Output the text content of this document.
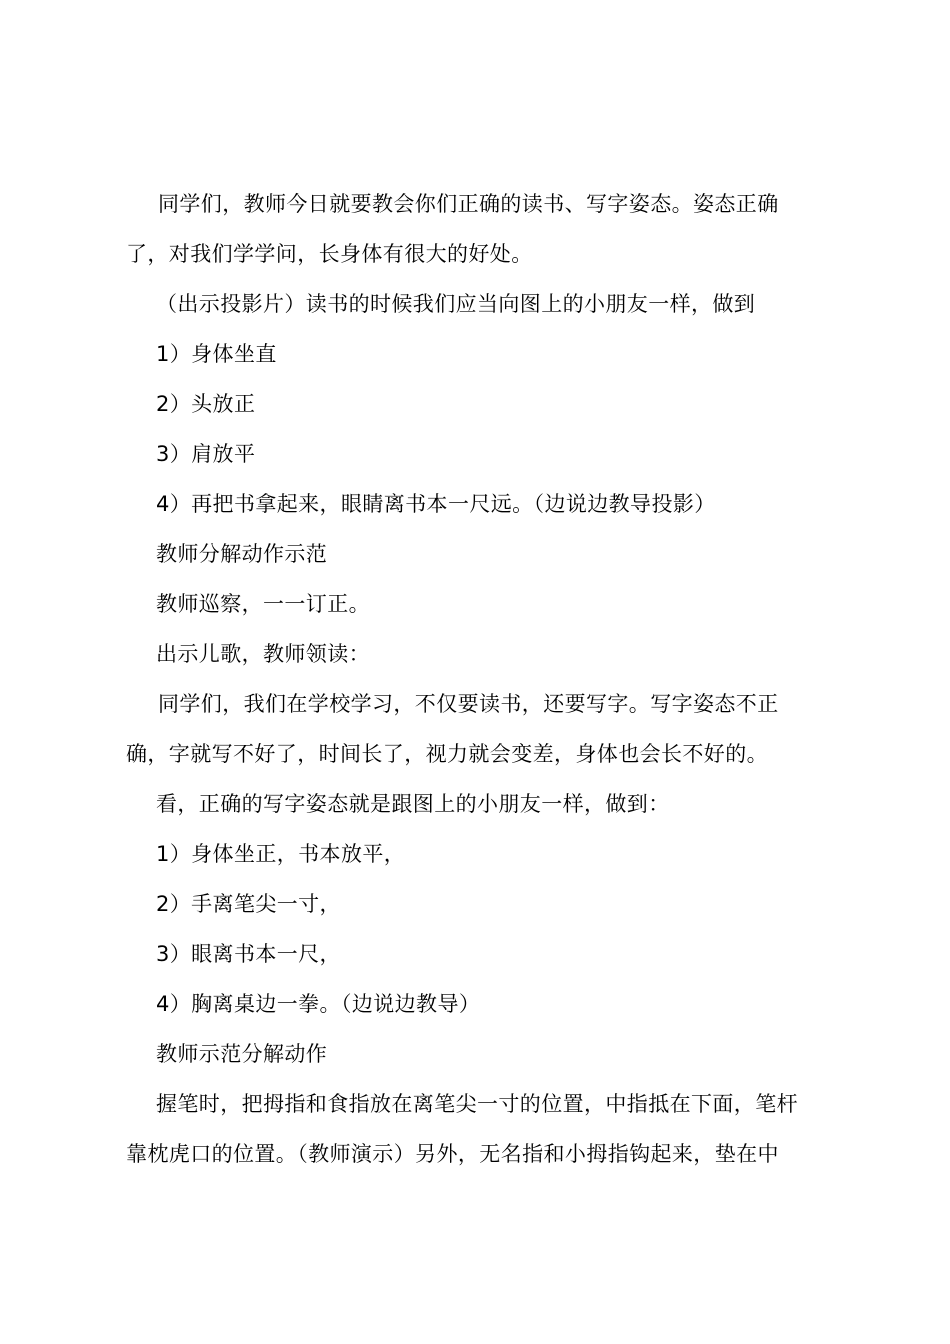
同学们，教师今日就要教会你们正确的读书、写字姿态。姿态正确
了，对我们学学问，长身体有很大的好处。
（出示投影片）读书的时候我们应当向图上的小朋友一样，做到
1）身体坐直
2）头放正
3）肩放平
4）再把书拿起来，眼睛离书本一尺远。（边说边教导投影）
教师分解动作示范
教师巡察，一一订正。
出示儿歌，教师领读：
同学们，我们在学校学习，不仅要读书，还要写字。写字姿态不正
确，字就写不好了，时间长了，视力就会变差，身体也会长不好的。
看，正确的写字姿态就是跟图上的小朋友一样，做到：
1）身体坐正，书本放平，
2）手离笔尖一寸，
3）眼离书本一尺，
4）胸离桌边一拳。（边说边教导）
教师示范分解动作
握笔时，把拇指和食指放在离笔尖一寸的位置，中指抵在下面，笔杆
靠枕虎口的位置。（教师演示）另外，无名指和小拇指钩起来，垫在中
